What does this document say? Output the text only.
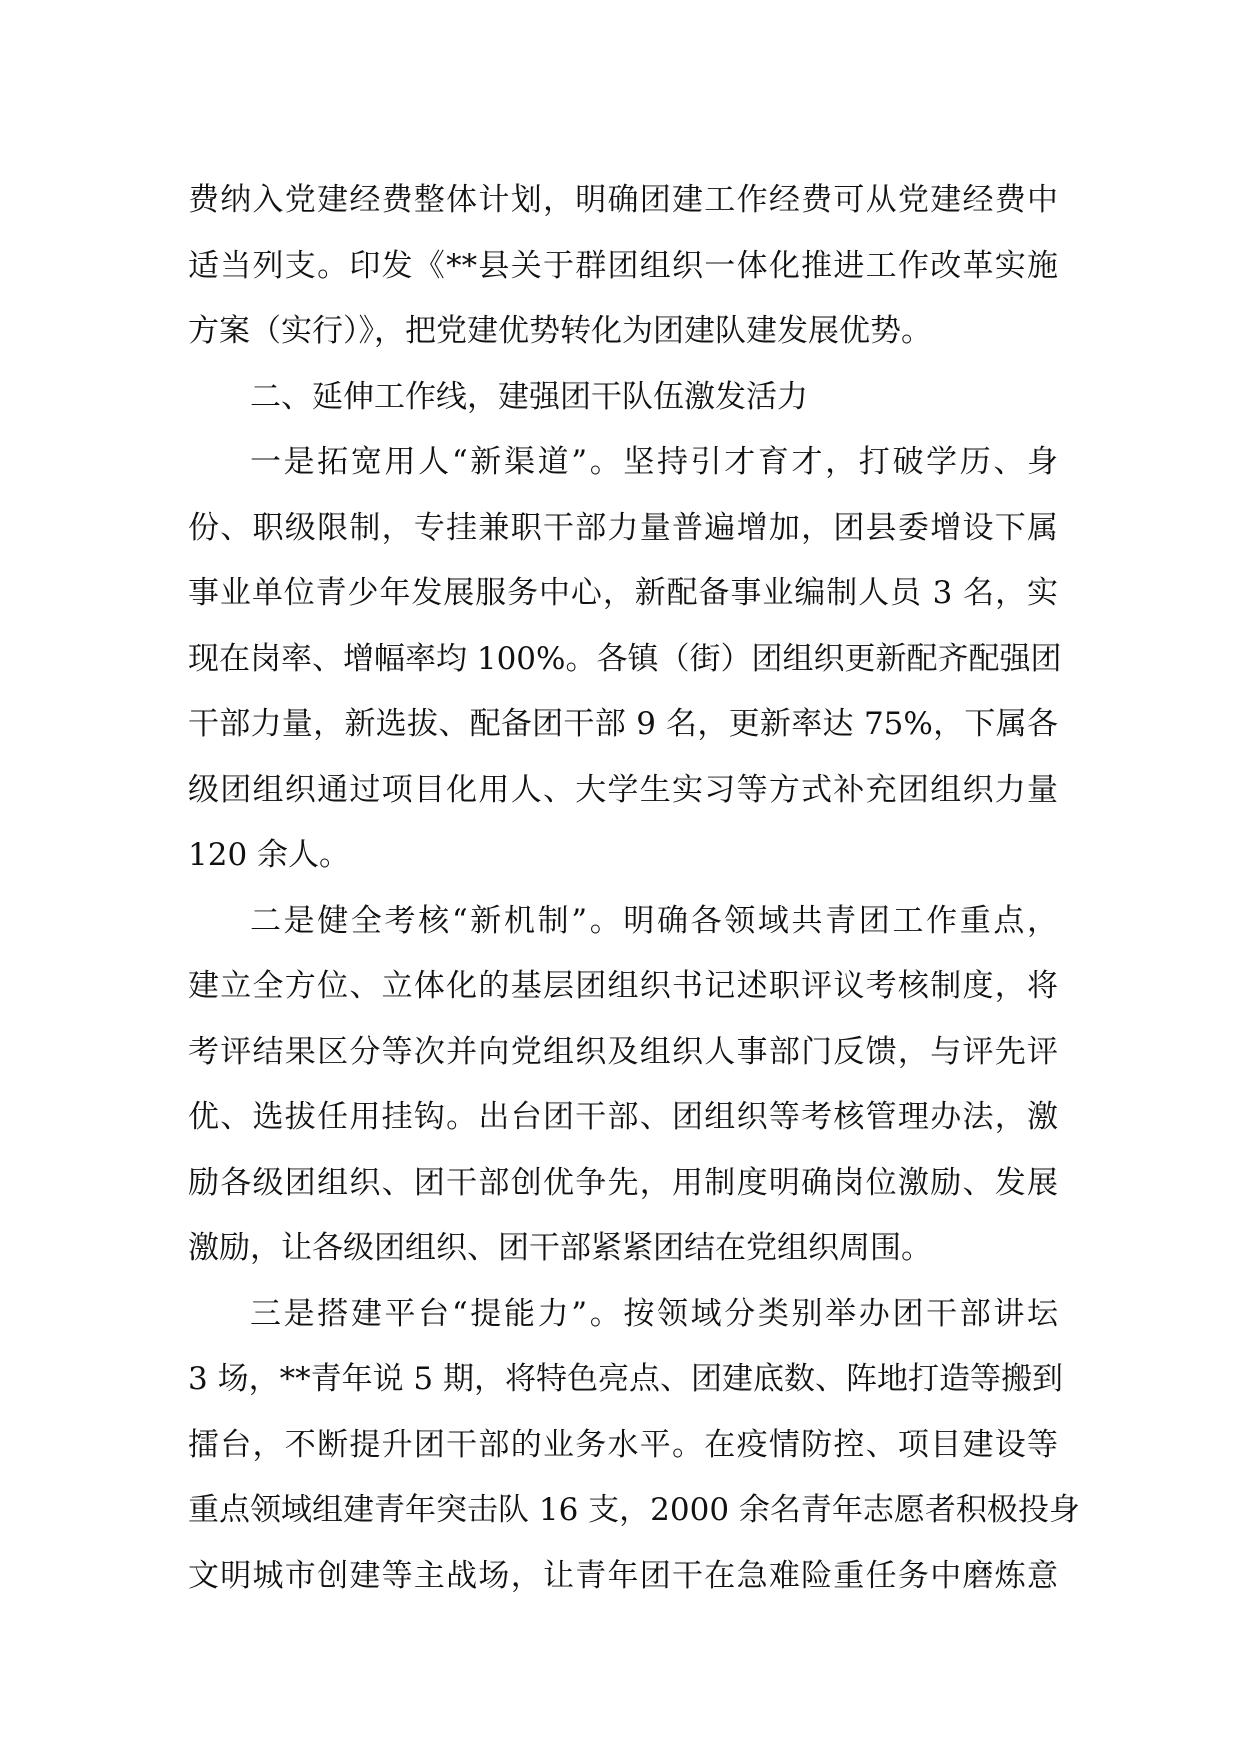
费纳入党建经费整体计划，明确团建工作经费可从党建经费中
适当列支。印发《**县关于群团组织一体化推进工作改革实施
方案（实行）》，把党建优势转化为团建队建发展优势。
二、延伸工作线，建强团干队伍激发活力
一是拓宽用人“新渠道”。坚持引才育才，打破学历、身
份、职级限制，专挂兼职干部力量普遍增加，团县委增设下属
事业单位青少年发展服务中心，新配备事业编制人员 3 名，实
现在岗率、增幅率均 100%。各镇（街）团组织更新配齐配强团
干部力量，新选拔、配备团干部 9 名，更新率达 75%，下属各
级团组织通过项目化用人、大学生实习等方式补充团组织力量
120 余人。
二是健全考核“新机制”。明确各领域共青团工作重点，
建立全方位、立体化的基层团组织书记述职评议考核制度，将
考评结果区分等次并向党组织及组织人事部门反馈，与评先评
优、选拔任用挂钩。出台团干部、团组织等考核管理办法，激
励各级团组织、团干部创优争先，用制度明确岗位激励、发展
激励，让各级团组织、团干部紧紧团结在党组织周围。
三是搭建平台“提能力”。按领域分类别举办团干部讲坛
3 场，**青年说 5 期，将特色亮点、团建底数、阵地打造等搬到
擂台，不断提升团干部的业务水平。在疫情防控、项目建设等
重点领域组建青年突击队 16 支，2000 余名青年志愿者积极投身
文明城市创建等主战场，让青年团干在急难险重任务中磨炼意
